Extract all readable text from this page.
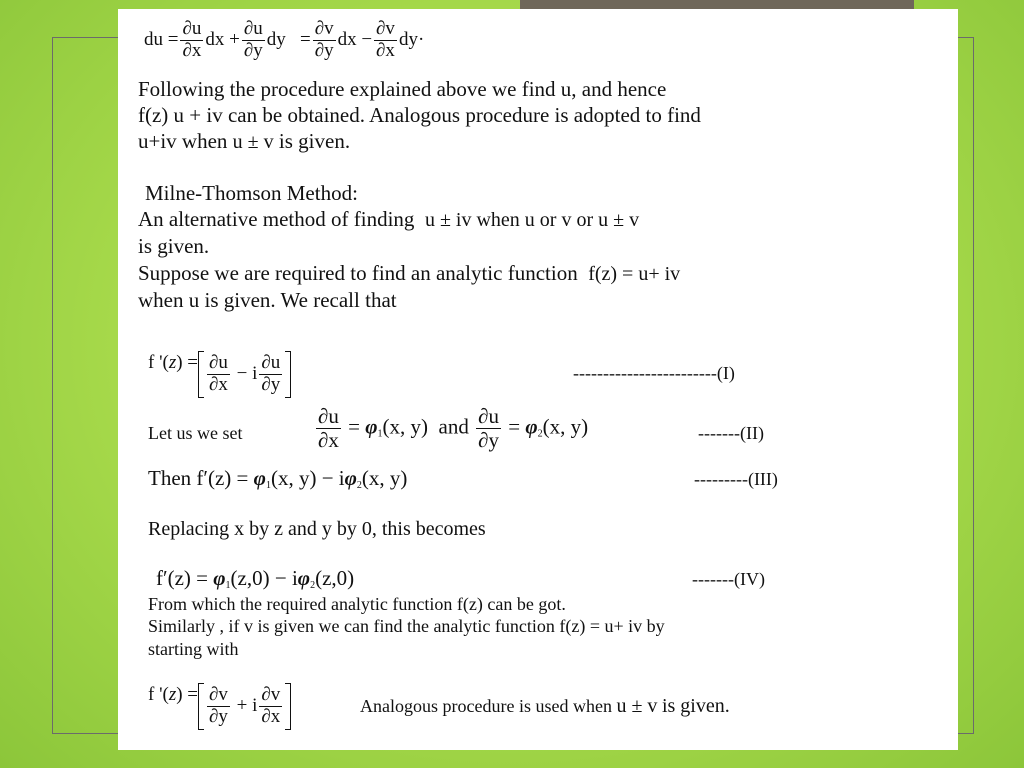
du = $\frac{\partial u}{\partial x}$ dx + $\frac{\partial u}{\partial y}$ dy   = $\frac{\partial v}{\partial y}$ dx − $\frac{\partial v}{\partial x} dy\cdot$
Following the procedure explained above we find u, and hence
f(z) u + iv can be obtained. Analogous procedure is adopted to find
u+iv when u ± v is given.
Milne-Thomson Method:
An alternative method of finding u ± iv when u or v or u ± v
is given.
Suppose we are required to find an analytic function f(z) = u+ iv
when u is given. We recall that
f '$(z) = \frac{\partial u}{\partial x} - i \frac{\partial u}{\partial y}$	------------------------(I)
Let us we set	$\frac{\partial u}{\partial x} = \varphi_1(x$, y)  and $\frac{\partial u}{\partial y} = \varphi_2(x$, y)	-------(II)
Then $f'(z) = \varphi_1(x$, $y) - i\varphi_2(x$, y)	---------(III)
Replacing x by z and y by 0, this becomes
$f'(z) = \varphi_1(z,0) - i\varphi_2(z,0)$	-------(IV)
From which the required analytic function f(z) can be got.
Similarly , if v is given we can find the analytic function f(z) = u+ iv by
starting with
f '$(z) = \frac{\partial v}{\partial y} + i \frac{\partial v}{\partial x}$	Analogous procedure is used when u ± v is given.
